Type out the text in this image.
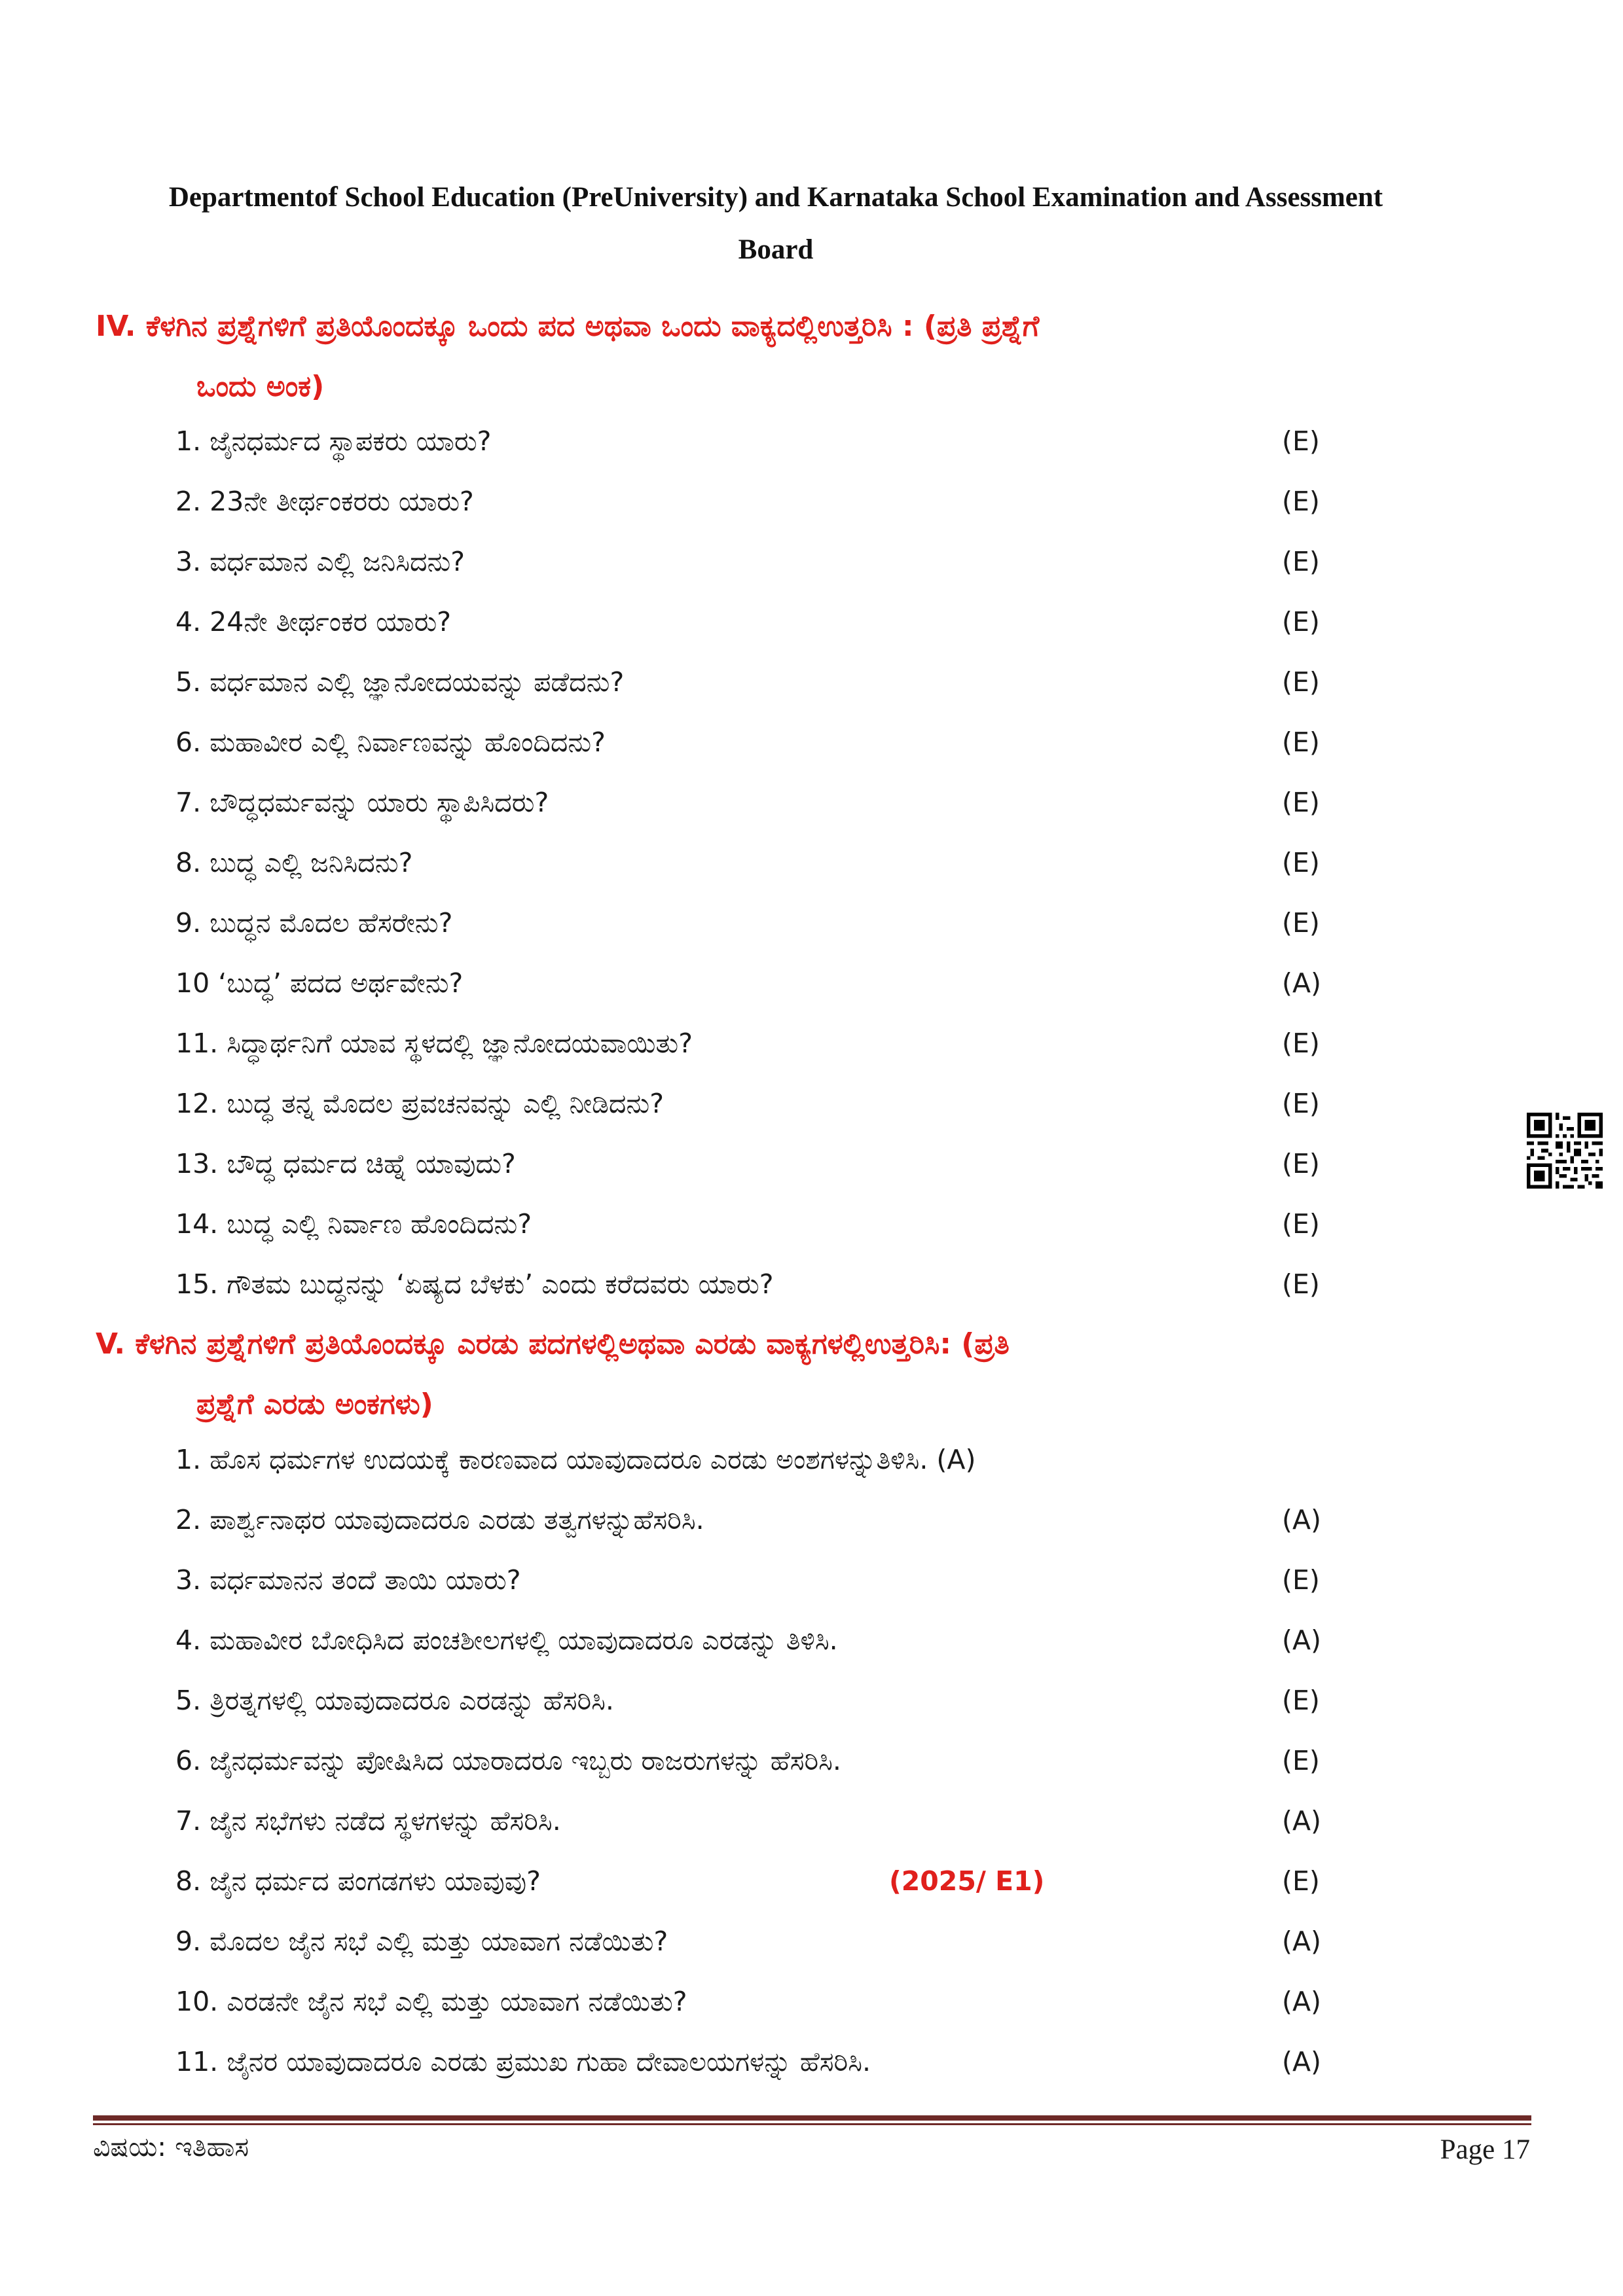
Departmentof School Education (PreUniversity) and Karnataka School Examination and Assessment
Board
IV. ಕೆಳಗಿನ ಪ್ರಶ್ನೆಗಳಿಗೆ ಪ್ರತಿಯೊಂದಕ್ಕೂ ಒಂದು ಪದ ಅಥವಾ ಒಂದು ವಾಕ್ಯದಲ್ಲಿಉತ್ತರಿಸಿ : (ಪ್ರತಿ ಪ್ರಶ್ನೆಗೆ
ಒಂದು ಅಂಕ)
1. ಜೈನಧರ್ಮದ ಸ್ಥಾಪಕರು ಯಾರು?	(E)
2. 23ನೇ ತೀರ್ಥಂಕರರು ಯಾರು?	(E)
3. ವರ್ಧಮಾನ ಎಲ್ಲಿ ಜನಿಸಿದನು?	(E)
4. 24ನೇ ತೀರ್ಥಂಕರ ಯಾರು?	(E)
5. ವರ್ಧಮಾನ ಎಲ್ಲಿ ಜ್ಞಾನೋದಯವನ್ನು ಪಡೆದನು?	(E)
6. ಮಹಾವೀರ ಎಲ್ಲಿ ನಿರ್ವಾಣವನ್ನು ಹೊಂದಿದನು?	(E)
7. ಬೌದ್ಧಧರ್ಮವನ್ನು ಯಾರು ಸ್ಥಾಪಿಸಿದರು?	(E)
8. ಬುದ್ಧ ಎಲ್ಲಿ ಜನಿಸಿದನು?	(E)
9. ಬುದ್ಧನ ಮೊದಲ ಹೆಸರೇನು?	(E)
10 ‘ಬುದ್ಧ’ ಪದದ ಅರ್ಥವೇನು?	(A)
11. ಸಿದ್ಧಾರ್ಥನಿಗೆ ಯಾವ ಸ್ಥಳದಲ್ಲಿ ಜ್ಞಾನೋದಯವಾಯಿತು?	(E)
12. ಬುದ್ಧ ತನ್ನ ಮೊದಲ ಪ್ರವಚನವನ್ನು ಎಲ್ಲಿ ನೀಡಿದನು?	(E)
13. ಬೌದ್ಧ ಧರ್ಮದ ಚಿಹ್ನೆ ಯಾವುದು?	(E)
14. ಬುದ್ಧ ಎಲ್ಲಿ ನಿರ್ವಾಣ ಹೊಂದಿದನು?	(E)
15. ಗೌತಮ ಬುದ್ಧನನ್ನು ‘ಏಷ್ಯದ ಬೆಳಕು’ ಎಂದು ಕರೆದವರು ಯಾರು?	(E)
V. ಕೆಳಗಿನ ಪ್ರಶ್ನೆಗಳಿಗೆ ಪ್ರತಿಯೊಂದಕ್ಕೂ ಎರಡು ಪದಗಳಲ್ಲಿಅಥವಾ ಎರಡು ವಾಕ್ಯಗಳಲ್ಲಿಉತ್ತರಿಸಿ: (ಪ್ರತಿ
ಪ್ರಶ್ನೆಗೆ ಎರಡು ಅಂಕಗಳು)
1. ಹೊಸ ಧರ್ಮಗಳ ಉದಯಕ್ಕೆ ಕಾರಣವಾದ ಯಾವುದಾದರೂ ಎರಡು ಅಂಶಗಳನ್ನುತಿಳಿಸಿ. (A)
2. ಪಾರ್ಶ್ವನಾಥರ ಯಾವುದಾದರೂ ಎರಡು ತತ್ವಗಳನ್ನುಹೆಸರಿಸಿ.	(A)
3. ವರ್ಧಮಾನನ ತಂದೆ ತಾಯಿ ಯಾರು?	(E)
4. ಮಹಾವೀರ ಬೋಧಿಸಿದ ಪಂಚಶೀಲಗಳಲ್ಲಿ ಯಾವುದಾದರೂ ಎರಡನ್ನು ತಿಳಿಸಿ.	(A)
5. ತ್ರಿರತ್ನಗಳಲ್ಲಿ ಯಾವುದಾದರೂ ಎರಡನ್ನು ಹೆಸರಿಸಿ.	(E)
6. ಜೈನಧರ್ಮವನ್ನು ಪೋಷಿಸಿದ ಯಾರಾದರೂ ಇಬ್ಬರು ರಾಜರುಗಳನ್ನು ಹೆಸರಿಸಿ.	(E)
7. ಜೈನ ಸಭೆಗಳು ನಡೆದ ಸ್ಥಳಗಳನ್ನು ಹೆಸರಿಸಿ.	(A)
8. ಜೈನ ಧರ್ಮದ ಪಂಗಡಗಳು ಯಾವುವು?	(2025/ E1)	(E)
9. ಮೊದಲ ಜೈನ ಸಭೆ ಎಲ್ಲಿ ಮತ್ತು ಯಾವಾಗ ನಡೆಯಿತು?	(A)
10. ಎರಡನೇ ಜೈನ ಸಭೆ ಎಲ್ಲಿ ಮತ್ತು ಯಾವಾಗ ನಡೆಯಿತು?	(A)
11. ಜೈನರ ಯಾವುದಾದರೂ ಎರಡು ಪ್ರಮುಖ ಗುಹಾ ದೇವಾಲಯಗಳನ್ನು ಹೆಸರಿಸಿ.	(A)
ವಿಷಯ: ಇತಿಹಾಸ	Page 17
